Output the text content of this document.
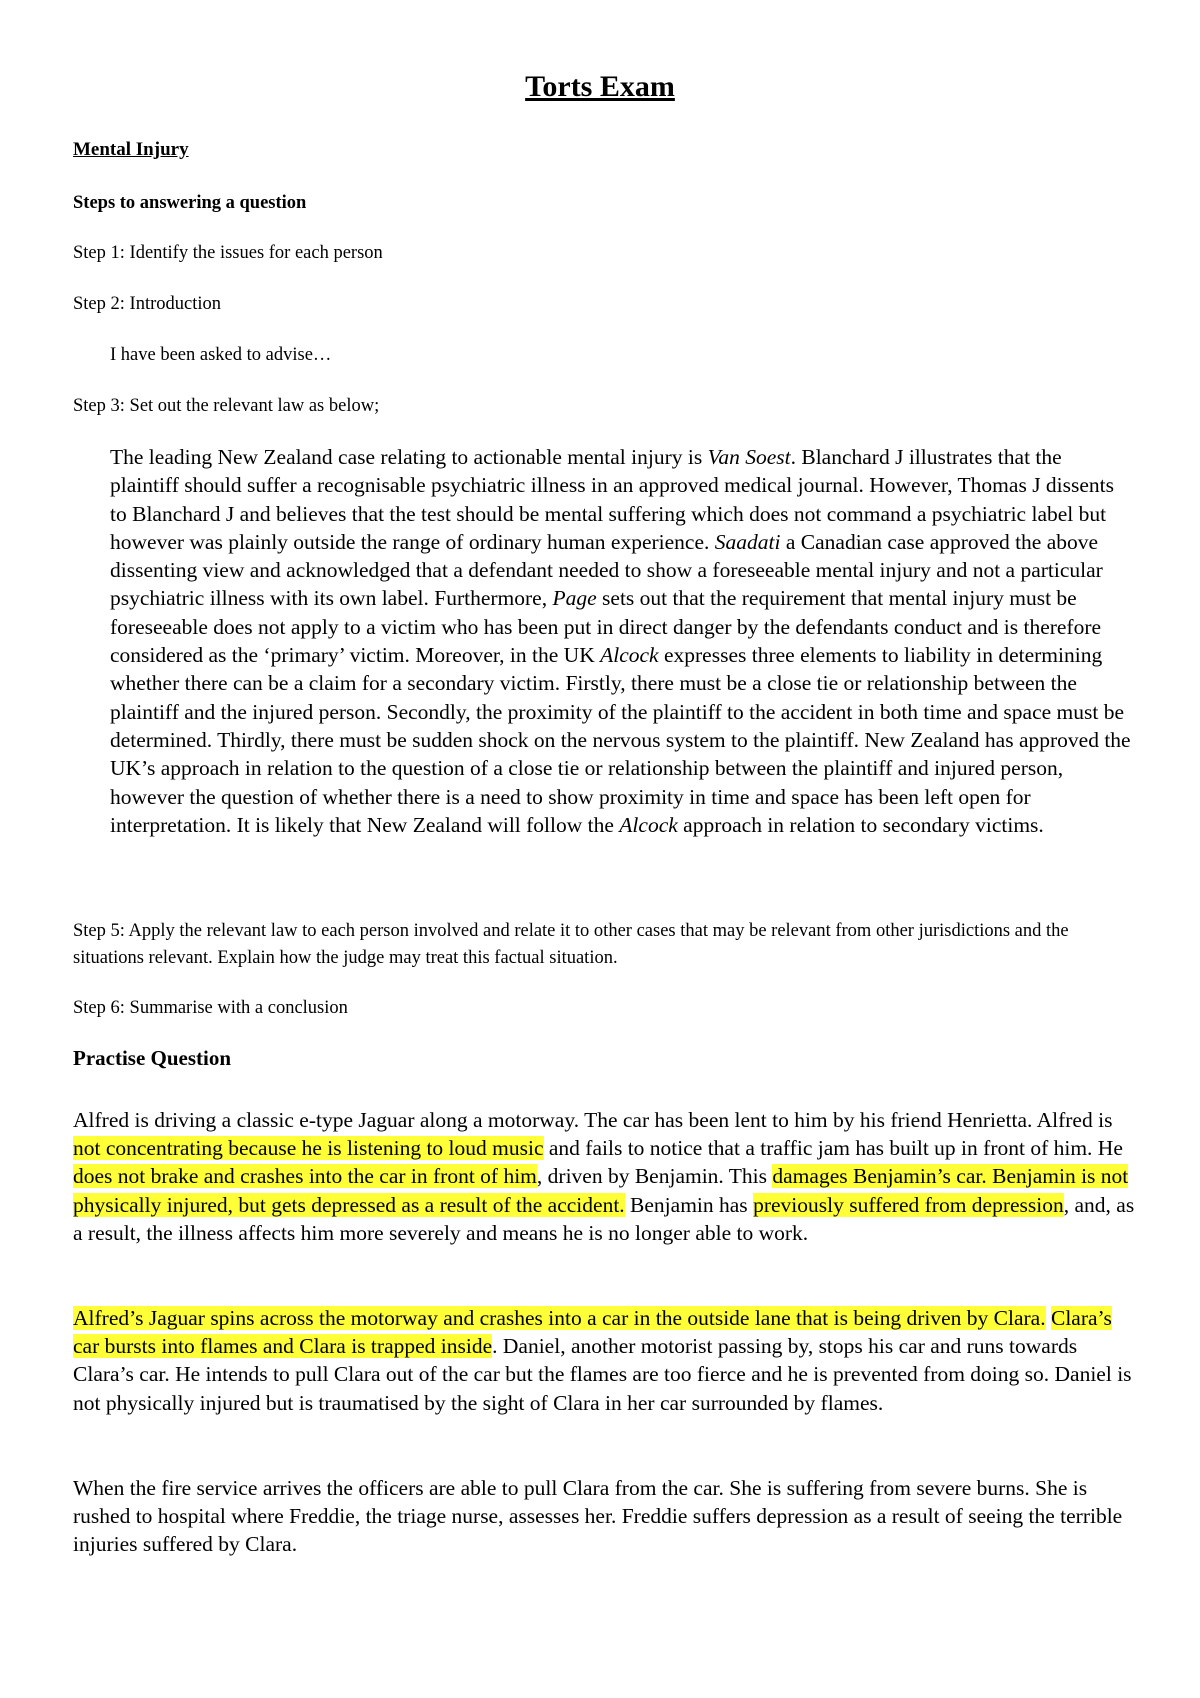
Torts Exam

Mental Injury

Steps to answering a question

Step 1: Identify the issues for each person

Step 2: Introduction

I have been asked to advise…

Step 3: Set out the relevant law as below;

The leading New Zealand case relating to actionable mental injury is Van Soest. Blanchard J illustrates that the plaintiff should suffer a recognisable psychiatric illness in an approved medical journal. However, Thomas J dissents to Blanchard J and believes that the test should be mental suffering which does not command a psychiatric label but however was plainly outside the range of ordinary human experience. Saadati a Canadian case approved the above dissenting view and acknowledged that a defendant needed to show a foreseeable mental injury and not a particular psychiatric illness with its own label. Furthermore, Page sets out that the requirement that mental injury must be foreseeable does not apply to a victim who has been put in direct danger by the defendants conduct and is therefore considered as the ‘primary’ victim. Moreover, in the UK Alcock expresses three elements to liability in determining whether there can be a claim for a secondary victim. Firstly, there must be a close tie or relationship between the plaintiff and the injured person. Secondly, the proximity of the plaintiff to the accident in both time and space must be determined. Thirdly, there must be sudden shock on the nervous system to the plaintiff. New Zealand has approved the UK’s approach in relation to the question of a close tie or relationship between the plaintiff and injured person, however the question of whether there is a need to show proximity in time and space has been left open for interpretation. It is likely that New Zealand will follow the Alcock approach in relation to secondary victims.

Step 5: Apply the relevant law to each person involved and relate it to other cases that may be relevant from other jurisdictions and the situations relevant. Explain how the judge may treat this factual situation.

Step 6: Summarise with a conclusion

Practise Question

Alfred is driving a classic e-type Jaguar along a motorway. The car has been lent to him by his friend Henrietta. Alfred is not concentrating because he is listening to loud music and fails to notice that a traffic jam has built up in front of him. He does not brake and crashes into the car in front of him, driven by Benjamin. This damages Benjamin’s car. Benjamin is not physically injured, but gets depressed as a result of the accident. Benjamin has previously suffered from depression, and, as a result, the illness affects him more severely and means he is no longer able to work.

Alfred’s Jaguar spins across the motorway and crashes into a car in the outside lane that is being driven by Clara. Clara’s car bursts into flames and Clara is trapped inside. Daniel, another motorist passing by, stops his car and runs towards Clara’s car. He intends to pull Clara out of the car but the flames are too fierce and he is prevented from doing so. Daniel is not physically injured but is traumatised by the sight of Clara in her car surrounded by flames.

When the fire service arrives the officers are able to pull Clara from the car. She is suffering from severe burns. She is rushed to hospital where Freddie, the triage nurse, assesses her. Freddie suffers depression as a result of seeing the terrible injuries suffered by Clara.
